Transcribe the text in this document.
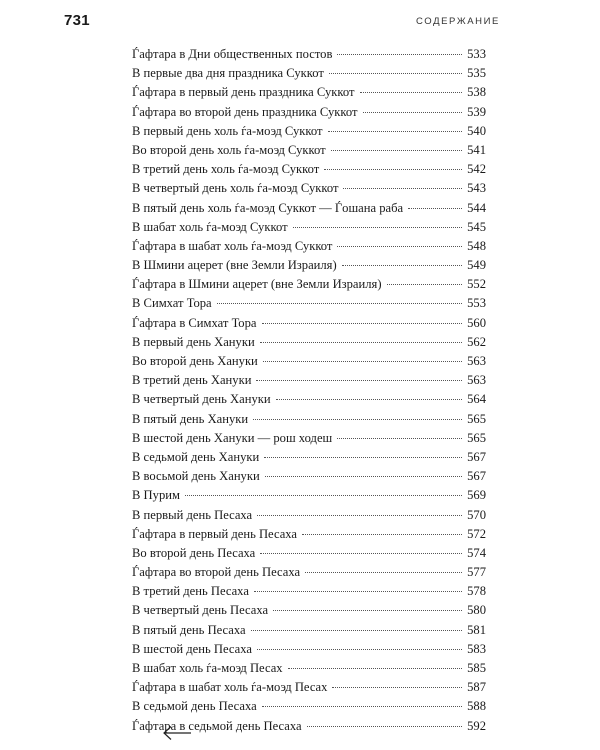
731	СОДЕРЖАНИЕ
Ѓафтара в Дни общественных постов	533
В первые два дня праздника Суккот	535
Ѓафтара в первый день праздника Суккот	538
Ѓафтара во второй день праздника Суккот	539
В первый день холь ѓа-моэд Суккот	540
Во второй день холь ѓа-моэд Суккот	541
В третий день холь ѓа-моэд Суккот	542
В четвертый день холь ѓа-моэд Суккот	543
В пятый день холь ѓа-моэд Суккот — Ѓошана раба	544
В шабат холь ѓа-моэд Суккот	545
Ѓафтара в шабат холь ѓа-моэд Суккот	548
В Шмини ацерет (вне Земли Израиля)	549
Ѓафтара в Шмини ацерет (вне Земли Израиля)	552
В Симхат Тора	553
Ѓафтара в Симхат Тора	560
В первый день Хануки	562
Во второй день Хануки	563
В третий день Хануки	563
В четвертый день Хануки	564
В пятый день Хануки	565
В шестой день Хануки — рош ходеш	565
В седьмой день Хануки	567
В восьмой день Хануки	567
В Пурим	569
В первый день Песаха	570
Ѓафтара в первый день Песаха	572
Во второй день Песаха	574
Ѓафтара во второй день Песаха	577
В третий день Песаха	578
В четвертый день Песаха	580
В пятый день Песаха	581
В шестой день Песаха	583
В шабат холь ѓа-моэд Песах	585
Ѓафтара в шабат холь ѓа-моэд Песах	587
В седьмой день Песаха	588
Ѓафтара в седьмой день Песаха	592
